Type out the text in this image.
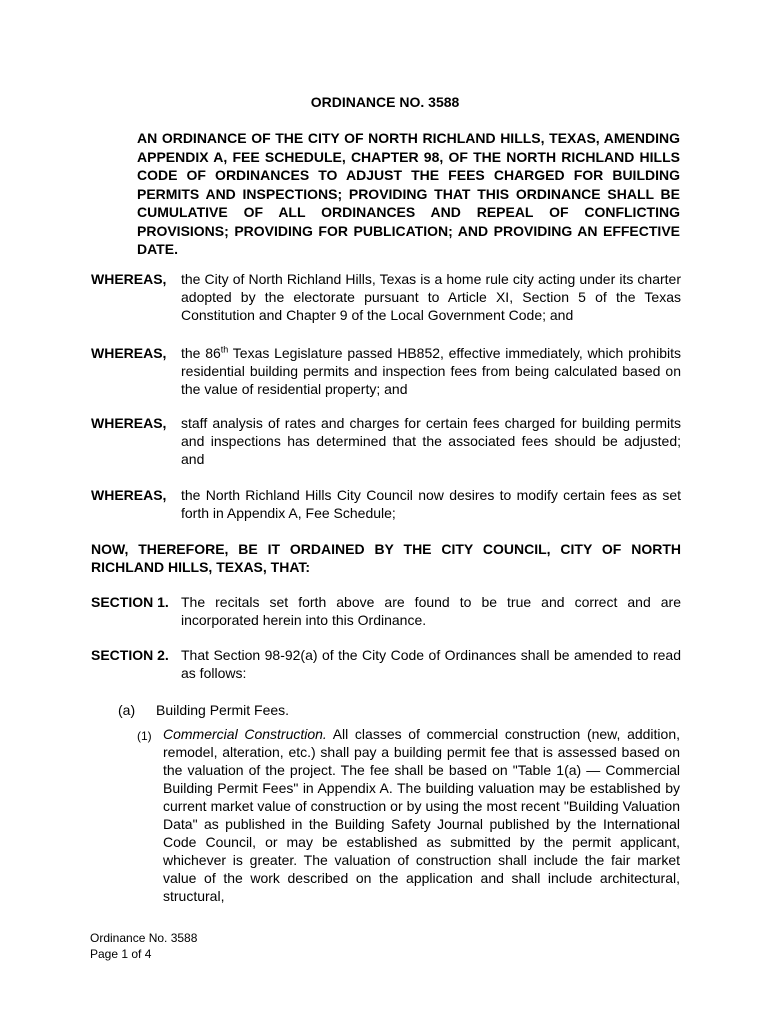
ORDINANCE NO. 3588
AN ORDINANCE OF THE CITY OF NORTH RICHLAND HILLS, TEXAS, AMENDING APPENDIX A, FEE SCHEDULE, CHAPTER 98, OF THE NORTH RICHLAND HILLS CODE OF ORDINANCES TO ADJUST THE FEES CHARGED FOR BUILDING PERMITS AND INSPECTIONS; PROVIDING THAT THIS ORDINANCE SHALL BE CUMULATIVE OF ALL ORDINANCES AND REPEAL OF CONFLICTING PROVISIONS; PROVIDING FOR PUBLICATION; AND PROVIDING AN EFFECTIVE DATE.
WHEREAS, the City of North Richland Hills, Texas is a home rule city acting under its charter adopted by the electorate pursuant to Article XI, Section 5 of the Texas Constitution and Chapter 9 of the Local Government Code; and
WHEREAS, the 86th Texas Legislature passed HB852, effective immediately, which prohibits residential building permits and inspection fees from being calculated based on the value of residential property; and
WHEREAS, staff analysis of rates and charges for certain fees charged for building permits and inspections has determined that the associated fees should be adjusted; and
WHEREAS, the North Richland Hills City Council now desires to modify certain fees as set forth in Appendix A, Fee Schedule;
NOW, THEREFORE, BE IT ORDAINED BY THE CITY COUNCIL, CITY OF NORTH RICHLAND HILLS, TEXAS, THAT:
SECTION 1. The recitals set forth above are found to be true and correct and are incorporated herein into this Ordinance.
SECTION 2. That Section 98-92(a) of the City Code of Ordinances shall be amended to read as follows:
(a) Building Permit Fees.
(1) Commercial Construction. All classes of commercial construction (new, addition, remodel, alteration, etc.) shall pay a building permit fee that is assessed based on the valuation of the project. The fee shall be based on "Table 1(a) — Commercial Building Permit Fees" in Appendix A. The building valuation may be established by current market value of construction or by using the most recent "Building Valuation Data" as published in the Building Safety Journal published by the International Code Council, or may be established as submitted by the permit applicant, whichever is greater. The valuation of construction shall include the fair market value of the work described on the application and shall include architectural, structural,
Ordinance No. 3588
Page 1 of 4
